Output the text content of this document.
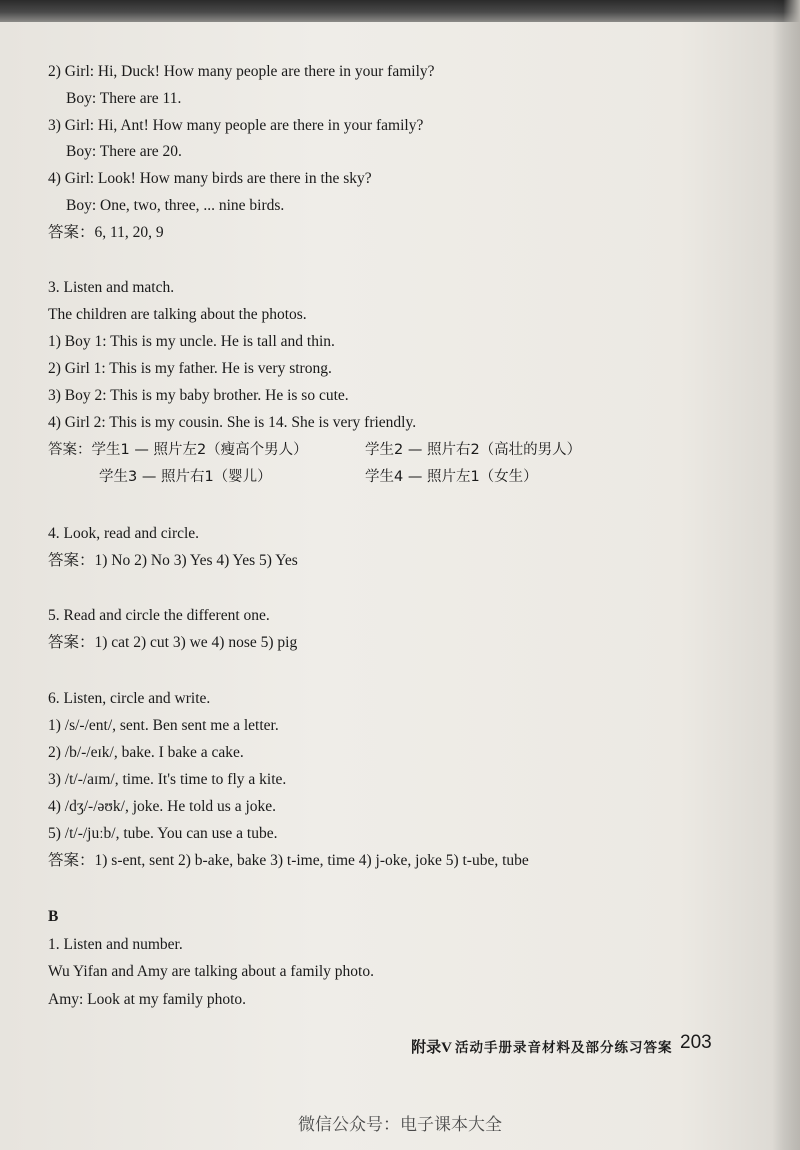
2) Girl: Hi, Duck! How many people are there in your family?
Boy: There are 11.
3) Girl: Hi, Ant! How many people are there in your family?
Boy: There are 20.
4) Girl: Look! How many birds are there in the sky?
Boy: One, two, three, ... nine birds.
答案：6, 11, 20, 9
3. Listen and match.
The children are talking about the photos.
1) Boy 1: This is my uncle. He is tall and thin.
2) Girl 1: This is my father. He is very strong.
3) Boy 2: This is my baby brother. He is so cute.
4) Girl 2: This is my cousin. She is 14. She is very friendly.
答案：学生1 — 照片左2（瘦高个男人）	学生2 — 照片右2（高壮的男人）
学生3 — 照片右1（婴儿）	学生4 — 照片左1（女生）
4. Look, read and circle.
答案：1) No 2) No 3) Yes 4) Yes 5) Yes
5. Read and circle the different one.
答案：1) cat 2) cut 3) we 4) nose 5) pig
6. Listen, circle and write.
1) /s/-/ent/, sent. Ben sent me a letter.
2) /b/-/eɪk/, bake. I bake a cake.
3) /t/-/aɪm/, time. It's time to fly a kite.
4) /dʒ/-/əʊk/, joke. He told us a joke.
5) /t/-/juːb/, tube. You can use a tube.
答案：1) s-ent, sent 2) b-ake, bake 3) t-ime, time 4) j-oke, joke 5) t-ube, tube
B
1. Listen and number.
Wu Yifan and Amy are talking about a family photo.
Amy: Look at my family photo.
附录V 活动手册录音材料及部分练习答案 203
微信公众号：电子课本大全
